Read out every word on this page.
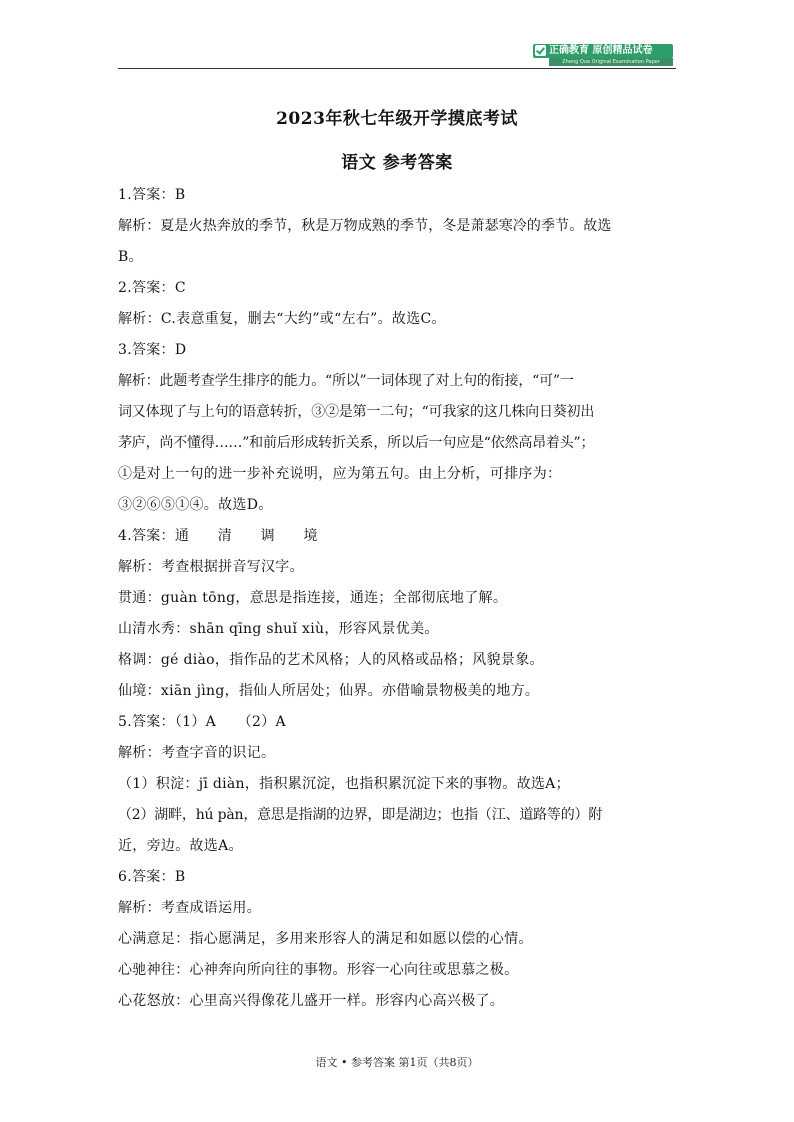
正确教育 原创精品试卷
Zheng Que Original Examination Paper
2023年秋七年级开学摸底考试
语文 参考答案
1.答案：B
解析：夏是火热奔放的季节，秋是万物成熟的季节，冬是萧瑟寒冷的季节。故选
B。
2.答案：C
解析：C.表意重复，删去“大约”或“左右”。故选C。
3.答案：D
解析：此题考查学生排序的能力。“所以”一词体现了对上句的衔接，“可”一
词又体现了与上句的语意转折，③②是第一二句；“可我家的这几株向日葵初出
茅庐，尚不懂得……”和前后形成转折关系，所以后一句应是“依然高昂着头”；
①是对上一句的进一步补充说明，应为第五句。由上分析，可排序为：
③②⑥⑤①④。故选D。
4.答案：通　　清　　调　　境
解析：考查根据拼音写汉字。
贯通：guàn tōng，意思是指连接，通连；全部彻底地了解。
山清水秀：shān qīng shuǐ xiù，形容风景优美。
格调：gé diào，指作品的艺术风格；人的风格或品格；风貌景象。
仙境：xiān jìng，指仙人所居处；仙界。亦借喻景物极美的地方。
5.答案：（1）A　　（2）A
解析：考查字音的识记。
（1）积淀：jī diàn，指积累沉淀，也指积累沉淀下来的事物。故选A；
（2）湖畔，hú pàn，意思是指湖的边界，即是湖边；也指（江、道路等的）附
近，旁边。故选A。
6.答案：B
解析：考查成语运用。
心满意足：指心愿满足，多用来形容人的满足和如愿以偿的心情。
心驰神往：心神奔向所向往的事物。形容一心向往或思慕之极。
心花怒放：心里高兴得像花儿盛开一样。形容内心高兴极了。
语文 • 参考答案 第1页（共8页）
